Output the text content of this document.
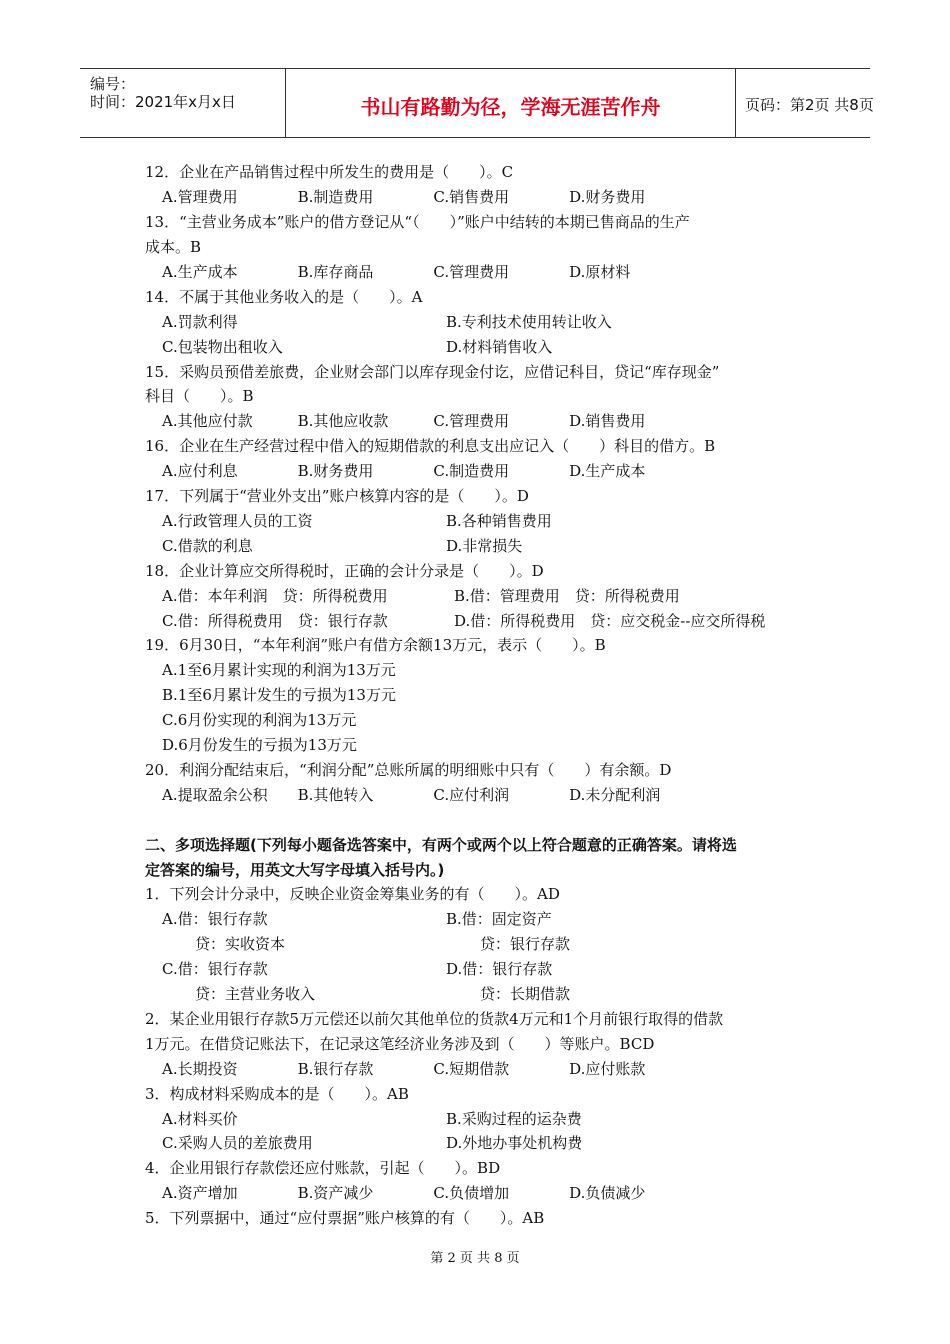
编号：
时间：2021年x月x日	书山有路勤为径，学海无涯苦作舟	页码：第2页 共8页
12．企业在产品销售过程中所发生的费用是（　　）。C
A.管理费用　　　　B.制造费用　　　　C.销售费用　　　　D.财务费用
13．“主营业务成本”账户的借方登记从“（　　）”账户中结转的本期已售商品的生产
成本。B
A.生产成本　　　　B.库存商品　　　　C.管理费用　　　　D.原材料
14．不属于其他业务收入的是（　　）。A
A.罚款利得	B.专利技术使用转让收入
C.包装物出租收入	D.材料销售收入
15．采购员预借差旅费，企业财会部门以库存现金付讫，应借记科目，贷记“库存现金”
科目（　　）。B
A.其他应付款　　　B.其他应收款　　　C.管理费用　　　　D.销售费用
16．企业在生产经营过程中借入的短期借款的利息支出应记入（　　）科目的借方。B
A.应付利息　　　　B.财务费用　　　　C.制造费用　　　　D.生产成本
17．下列属于“营业外支出”账户核算内容的是（　　）。D
A.行政管理人员的工资	B.各种销售费用
C.借款的利息	D.非常损失
18．企业计算应交所得税时，正确的会计分录是（　　）。D
A.借：本年利润　贷：所得税费用	B.借：管理费用　贷：所得税费用
C.借：所得税费用　贷：银行存款	D.借：所得税费用　贷：应交税金--应交所得税
19．6月30日，“本年利润”账户有借方余额13万元，表示（　　）。B
A.1至6月累计实现的利润为13万元
B.1至6月累计发生的亏损为13万元
C.6月份实现的利润为13万元
D.6月份发生的亏损为13万元
20．利润分配结束后，“利润分配”总账所属的明细账中只有（　　）有余额。D
A.提取盈余公积　　B.其他转入　　　　C.应付利润　　　　D.未分配利润
二、多项选择题(下列每小题备选答案中，有两个或两个以上符合题意的正确答案。请将选
定答案的编号，用英文大写字母填入括号内。)
1．下列会计分录中，反映企业资金筹集业务的有（　　）。AD
A.借：银行存款	B.借：固定资产
贷：实收资本	贷：银行存款
C.借：银行存款	D.借：银行存款
贷：主营业务收入	贷：长期借款
2．某企业用银行存款5万元偿还以前欠其他单位的货款4万元和1个月前银行取得的借款
1万元。在借贷记账法下，在记录这笔经济业务涉及到（　　）等账户。BCD
A.长期投资　　　　B.银行存款　　　　C.短期借款　　　　D.应付账款
3．构成材料采购成本的是（　　）。AB
A.材料买价	B.采购过程的运杂费
C.采购人员的差旅费用	D.外地办事处机构费
4．企业用银行存款偿还应付账款，引起（　　）。BD
A.资产增加　　　　B.资产减少　　　　C.负债增加　　　　D.负债减少
5．下列票据中，通过“应付票据”账户核算的有（　　）。AB
第 2 页 共 8 页
